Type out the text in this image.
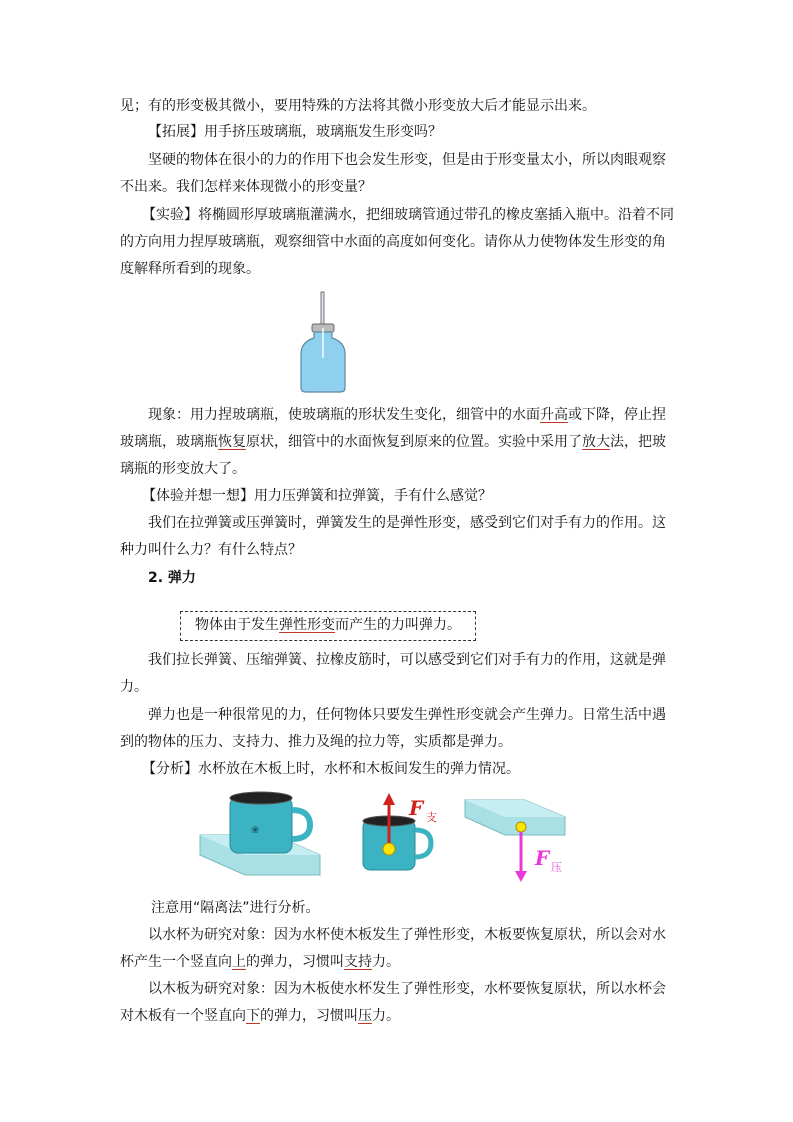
见；有的形变极其微小，要用特殊的方法将其微小形变放大后才能显示出来。
【拓展】用手挤压玻璃瓶，玻璃瓶发生形变吗？
坚硬的物体在很小的力的作用下也会发生形变，但是由于形变量太小，所以肉眼观察
不出来。我们怎样来体现微小的形变量？
【实验】将椭圆形厚玻璃瓶灌满水，把细玻璃管通过带孔的橡皮塞插入瓶中。沿着不同
的方向用力捏厚玻璃瓶，观察细管中水面的高度如何变化。请你从力使物体发生形变的角
度解释所看到的现象。
现象：用力捏玻璃瓶，使玻璃瓶的形状发生变化，细管中的水面升高或下降，停止捏
玻璃瓶，玻璃瓶恢复原状，细管中的水面恢复到原来的位置。实验中采用了放大法，把玻
璃瓶的形变放大了。
【体验并想一想】用力压弹簧和拉弹簧，手有什么感觉？
我们在拉弹簧或压弹簧时，弹簧发生的是弹性形变，感受到它们对手有力的作用。这
种力叫什么力？有什么特点？
2. 弹力
物体由于发生弹性形变而产生的力叫弹力。
我们拉长弹簧、压缩弹簧、拉橡皮筋时，可以感受到它们对手有力的作用，这就是弹
力。
弹力也是一种很常见的力，任何物体只要发生弹性形变就会产生弹力。日常生活中遇
到的物体的压力、支持力、推力及绳的拉力等，实质都是弹力。
【分析】水杯放在木板上时，水杯和木板间发生的弹力情况。
❀
F 支
F 压
注意用“隔离法”进行分析。
以水杯为研究对象：因为水杯使木板发生了弹性形变，木板要恢复原状，所以会对水
杯产生一个竖直向上的弹力，习惯叫支持力。
以木板为研究对象：因为木板使水杯发生了弹性形变，水杯要恢复原状，所以水杯会
对木板有一个竖直向下的弹力，习惯叫压力。
